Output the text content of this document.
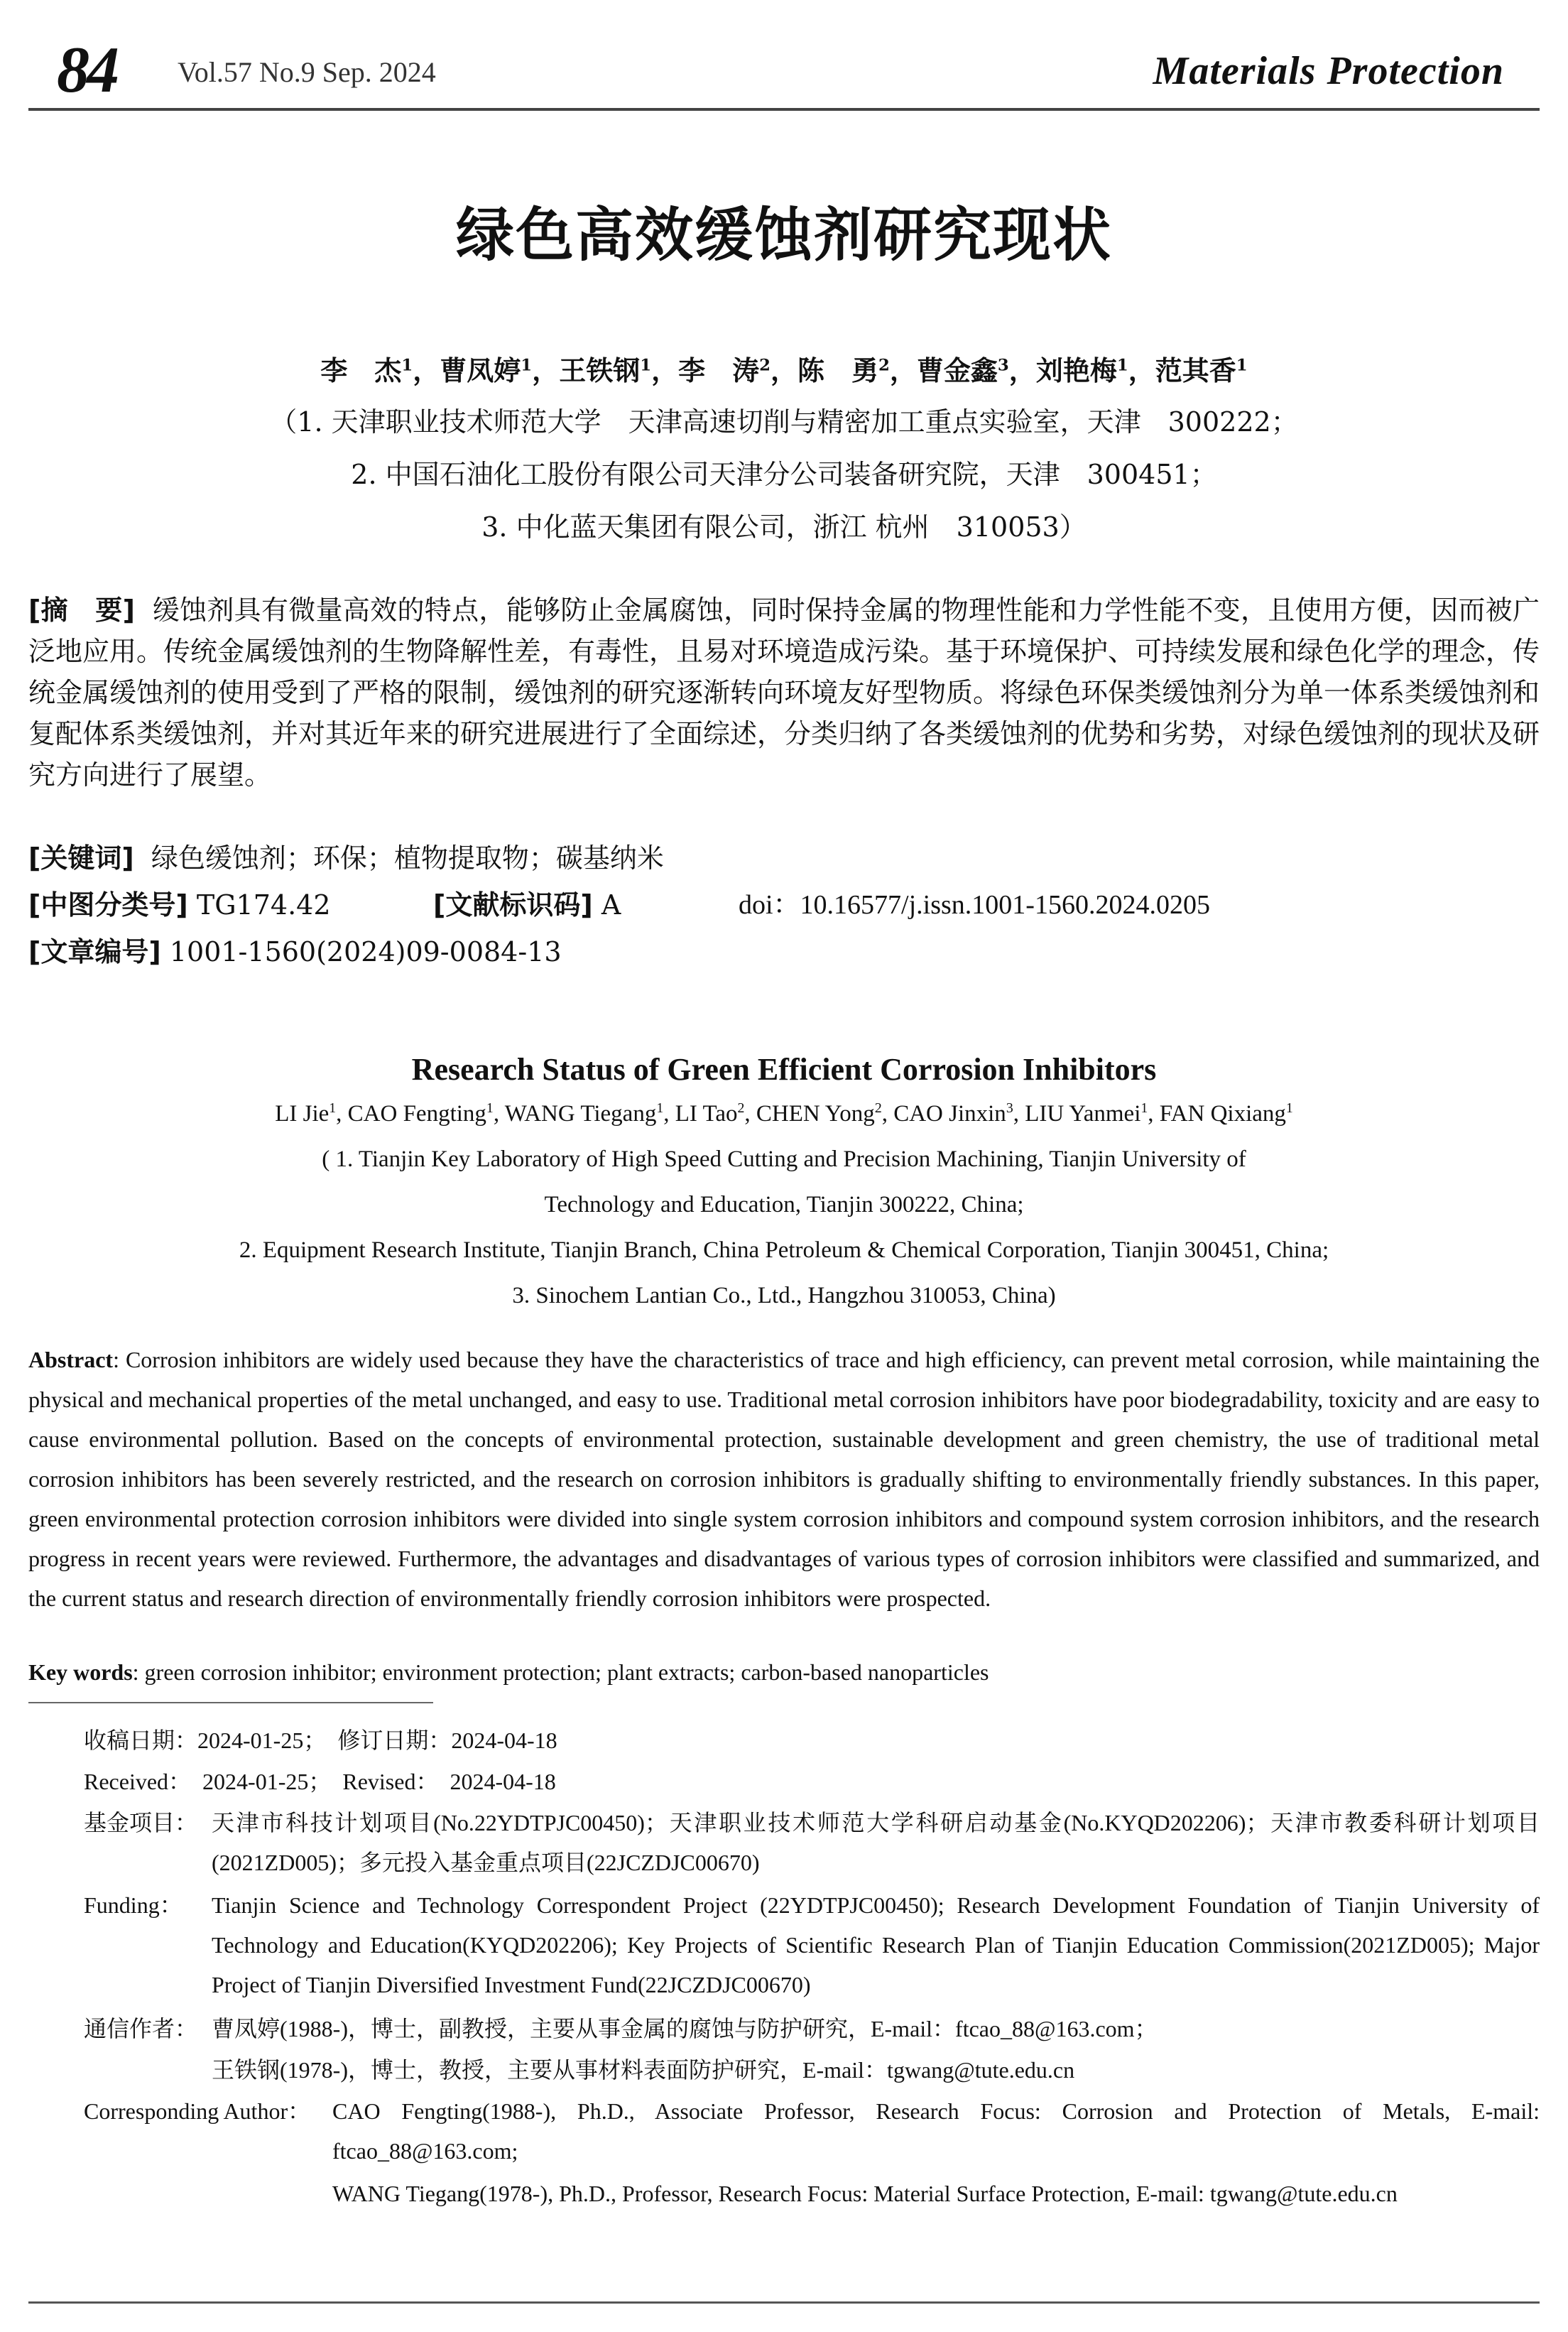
84 Vol.57 No.9 Sep. 2024	Materials Protection
绿色高效缓蚀剂研究现状
李　杰$^1$，曹凤婷$^1$，王铁钢$^1$，李　涛$^2$，陈　勇$^2$，曹金鑫$^3$，刘艳梅$^1$，范其香$^1$
（1. 天津职业技术师范大学　天津高速切削与精密加工重点实验室，天津　300222；
2. 中国石油化工股份有限公司天津分公司装备研究院，天津　300451；
3. 中化蓝天集团有限公司，浙江 杭州　310053）
[摘　要] 缓蚀剂具有微量高效的特点，能够防止金属腐蚀，同时保持金属的物理性能和力学性能不变，且使用方便，因而被广泛地应用。传统金属缓蚀剂的生物降解性差，有毒性，且易对环境造成污染。基于环境保护、可持续发展和绿色化学的理念，传统金属缓蚀剂的使用受到了严格的限制，缓蚀剂的研究逐渐转向环境友好型物质。将绿色环保类缓蚀剂分为单一体系类缓蚀剂和复配体系类缓蚀剂，并对其近年来的研究进展进行了全面综述，分类归纳了各类缓蚀剂的优势和劣势，对绿色缓蚀剂的现状及研究方向进行了展望。
[关键词] 绿色缓蚀剂；环保；植物提取物；碳基纳米
[中图分类号] TG174.42	[文献标识码] A	doi：10.16577/j.issn.1001-1560.2024.0205
[文章编号] 1001-1560(2024)09-0084-13
Research Status of Green Efficient Corrosion Inhibitors
LI Jie$^1$, CAO Fengting$^1$, WANG Tiegang$^1$, LI Tao$^2$, CHEN Yong$^2$, CAO Jinxin$^3$, LIU Yanmei$^1$, FAN Qixiang$^1$
( 1. Tianjin Key Laboratory of High Speed Cutting and Precision Machining, Tianjin University of
Technology and Education, Tianjin 300222, China;
2. Equipment Research Institute, Tianjin Branch, China Petroleum & Chemical Corporation, Tianjin 300451, China;
3. Sinochem Lantian Co., Ltd., Hangzhou 310053, China)
Abstract: Corrosion inhibitors are widely used because they have the characteristics of trace and high efficiency, can prevent metal corrosion, while maintaining the physical and mechanical properties of the metal unchanged, and easy to use. Traditional metal corrosion inhibitors have poor biodegradability, toxicity and are easy to cause environmental pollution. Based on the concepts of environmental protection, sustainable development and green chemistry, the use of traditional metal corrosion inhibitors has been severely restricted, and the research on corrosion inhibitors is gradually shifting to environmentally friendly substances. In this paper, green environmental protection corrosion inhibitors were divided into single system corrosion inhibitors and compound system corrosion inhibitors, and the research progress in recent years were reviewed. Furthermore, the advantages and disadvantages of various types of corrosion inhibitors were classified and summarized, and the current status and research direction of environmentally friendly corrosion inhibitors were prospected.
Key words: green corrosion inhibitor; environment protection; plant extracts; carbon-based nanoparticles
收稿日期：2024-01-25；　修订日期：2024-04-18
Received：　2024-01-25；　Revised：　2024-04-18
基金项目： 天津市科技计划项目(No.22YDTPJC00450)；天津职业技术师范大学科研启动基金(No.KYQD202206)；天津市教委科研计划项目(2021ZD005)；多元投入基金重点项目(22JCZDJC00670)
Funding： Tianjin Science and Technology Correspondent Project (22YDTPJC00450); Research Development Foundation of Tianjin University of Technology and Education(KYQD202206); Key Projects of Scientific Research Plan of Tianjin Education Commission(2021ZD005); Major Project of Tianjin Diversified Investment Fund(22JCZDJC00670)
通信作者： 曹凤婷(1988-)，博士，副教授，主要从事金属的腐蚀与防护研究，E-mail：ftcao_88@163.com；
王铁钢(1978-)，博士，教授，主要从事材料表面防护研究，E-mail：tgwang@tute.edu.cn
Corresponding Author： CAO Fengting(1988-), Ph.D., Associate Professor, Research Focus: Corrosion and Protection of Metals, E-mail: ftcao_88@163.com;
WANG Tiegang(1978-), Ph.D., Professor, Research Focus: Material Surface Protection, E-mail: tgwang@tute.edu.cn
